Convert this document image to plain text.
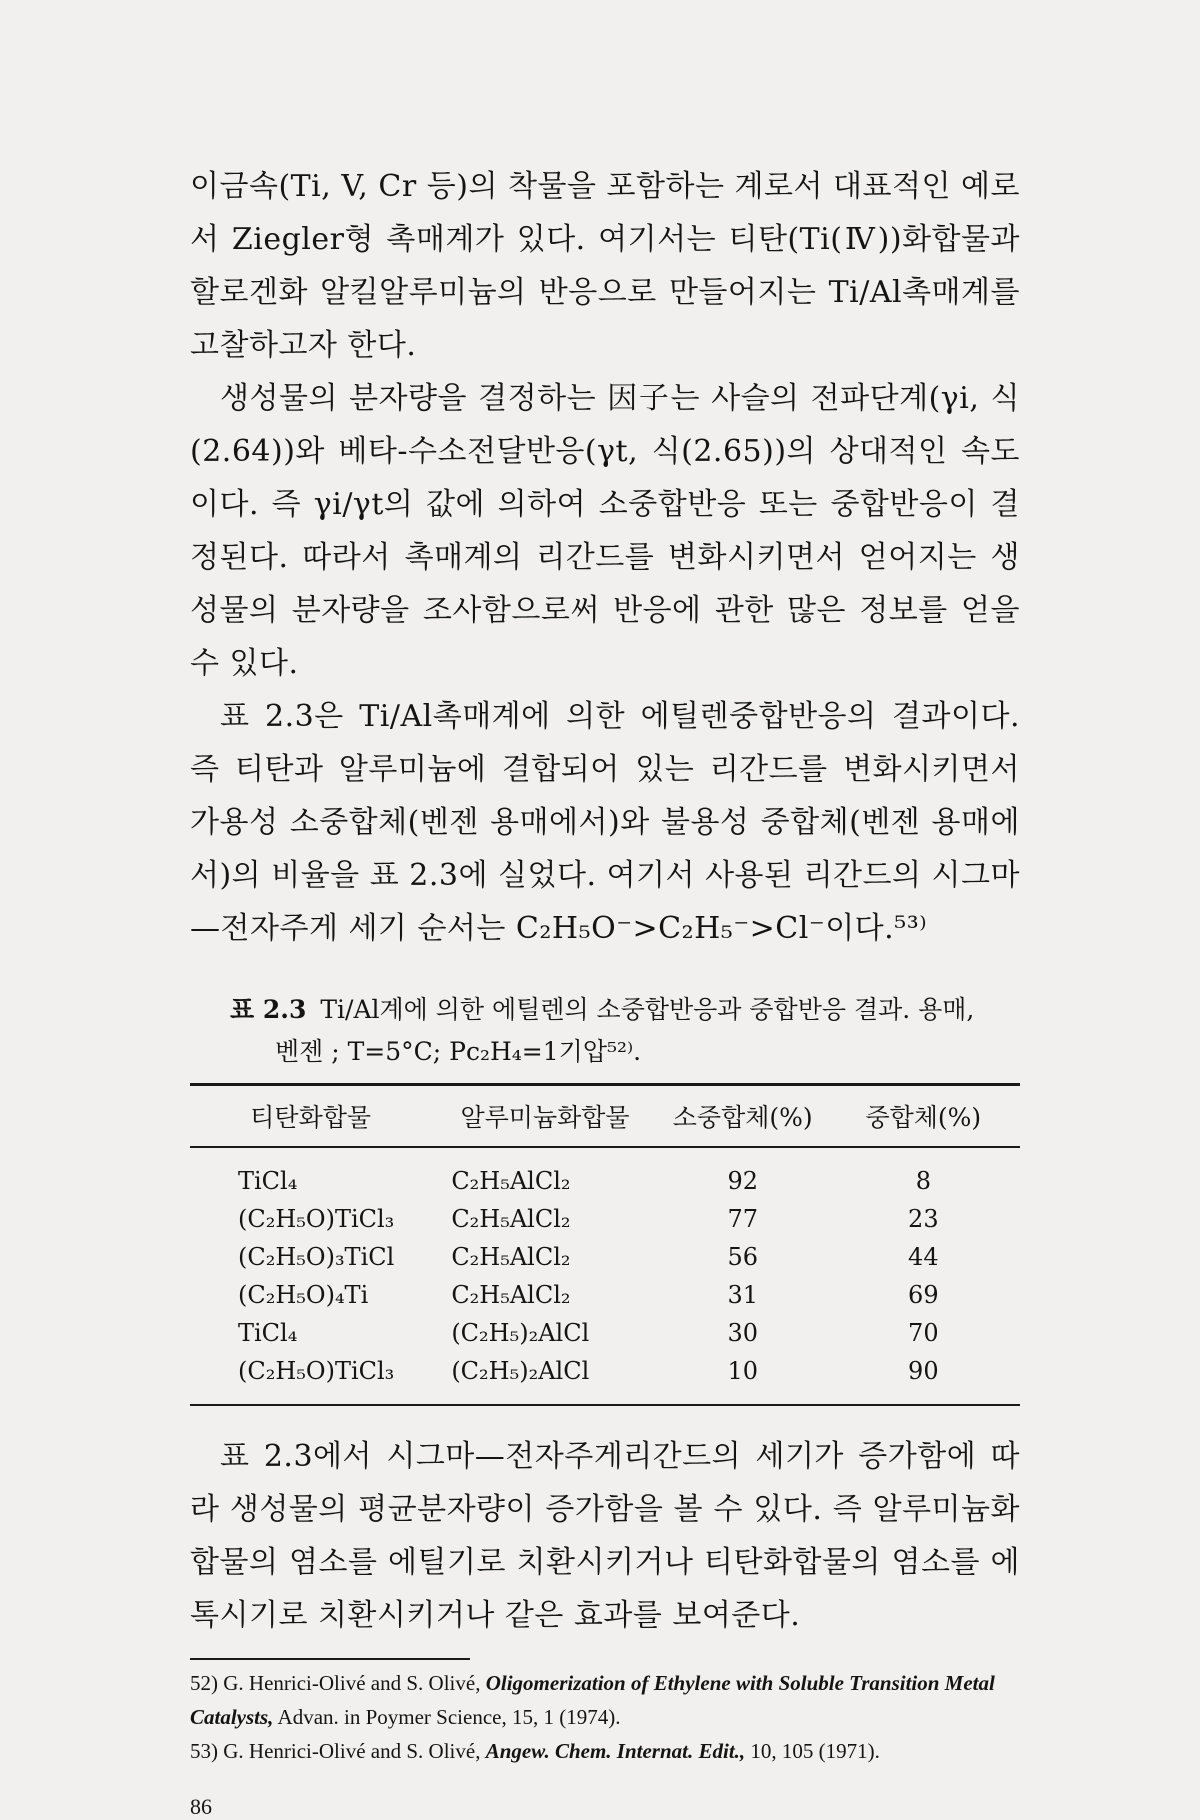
이금속(Ti, V, Cr 등)의 착물을 포함하는 계로서 대표적인 예로서 Ziegler형 촉매계가 있다. 여기서는 티탄(Ti(Ⅳ))화합물과 할로겐화 알킬알루미늄의 반응으로 만들어지는 Ti/Al촉매계를 고찰하고자 한다.

생성물의 분자량을 결정하는 因子는 사슬의 전파단계(γi, 식(2.64))와 베타-수소전달반응(γt, 식(2.65))의 상대적인 속도이다. 즉 γi/γt의 값에 의하여 소중합반응 또는 중합반응이 결정된다. 따라서 촉매계의 리간드를 변화시키면서 얻어지는 생성물의 분자량을 조사함으로써 반응에 관한 많은 정보를 얻을 수 있다.

표 2.3은 Ti/Al촉매계에 의한 에틸렌중합반응의 결과이다. 즉 티탄과 알루미늄에 결합되어 있는 리간드를 변화시키면서 가용성 소중합체(벤젠 용매에서)와 불용성 중합체(벤젠 용매에서)의 비율을 표 2.3에 실었다. 여기서 사용된 리간드의 시그마—전자주게 세기 순서는 C₂H₅O⁻>C₂H₅⁻>Cl⁻이다.⁵³⁾

표 2.3 Ti/Al계에 의한 에틸렌의 소중합반응과 중합반응 결과. 용매,
벤젠 ; T=5°C; Pc₂H₄=1기압⁵²⁾.
티탄화합물	알루미늄화합물	소중합체(%)	중합체(%)
TiCl₄	C₂H₅AlCl₂	92	8
(C₂H₅O)TiCl₃	C₂H₅AlCl₂	77	23
(C₂H₅O)₃TiCl	C₂H₅AlCl₂	56	44
(C₂H₅O)₄Ti	C₂H₅AlCl₂	31	69
TiCl₄	(C₂H₅)₂AlCl	30	70
(C₂H₅O)TiCl₃	(C₂H₅)₂AlCl	10	90

표 2.3에서 시그마—전자주게리간드의 세기가 증가함에 따라 생성물의 평균분자량이 증가함을 볼 수 있다. 즉 알루미늄화합물의 염소를 에틸기로 치환시키거나 티탄화합물의 염소를 에톡시기로 치환시키거나 같은 효과를 보여준다.

52) G. Henrici-Olivé and S. Olivé, Oligomerization of Ethylene with Soluble Transition Metal Catalysts, Advan. in Poymer Science, 15, 1 (1974).

53) G. Henrici-Olivé and S. Olivé, Angew. Chem. Internat. Edit., 10, 105 (1971).

86
